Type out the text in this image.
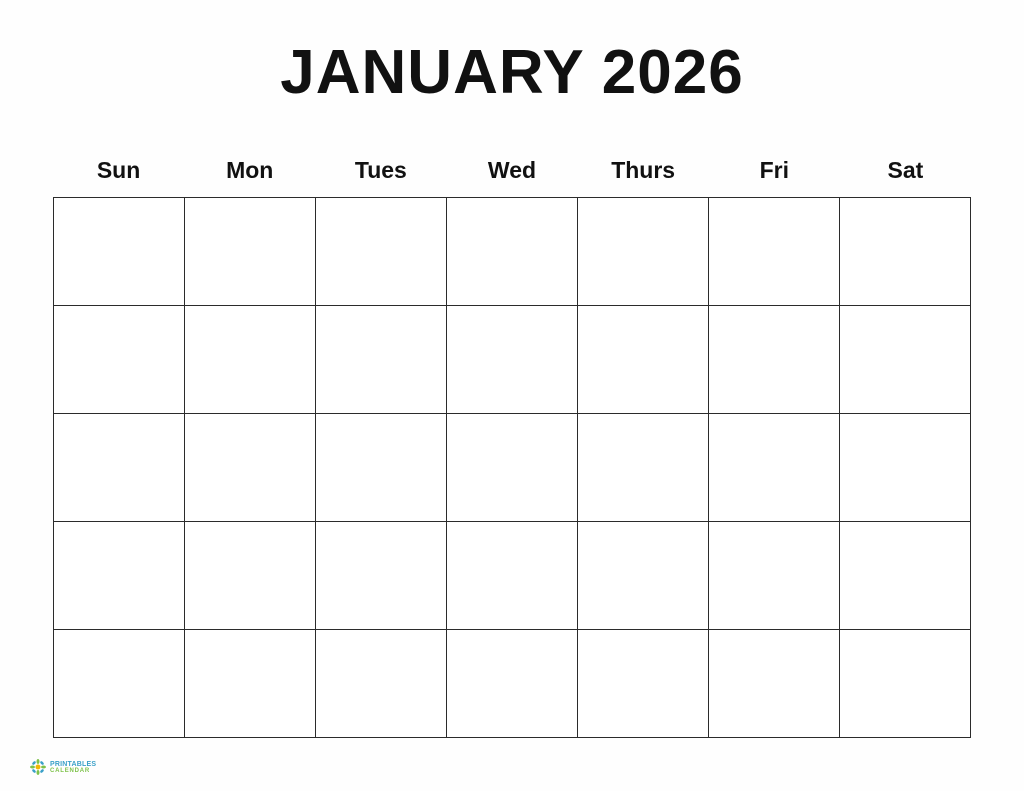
JANUARY 2026
Sun	Mon	Tues	Wed	Thurs	Fri	Sat
PRINTABLES
CALENDAR
